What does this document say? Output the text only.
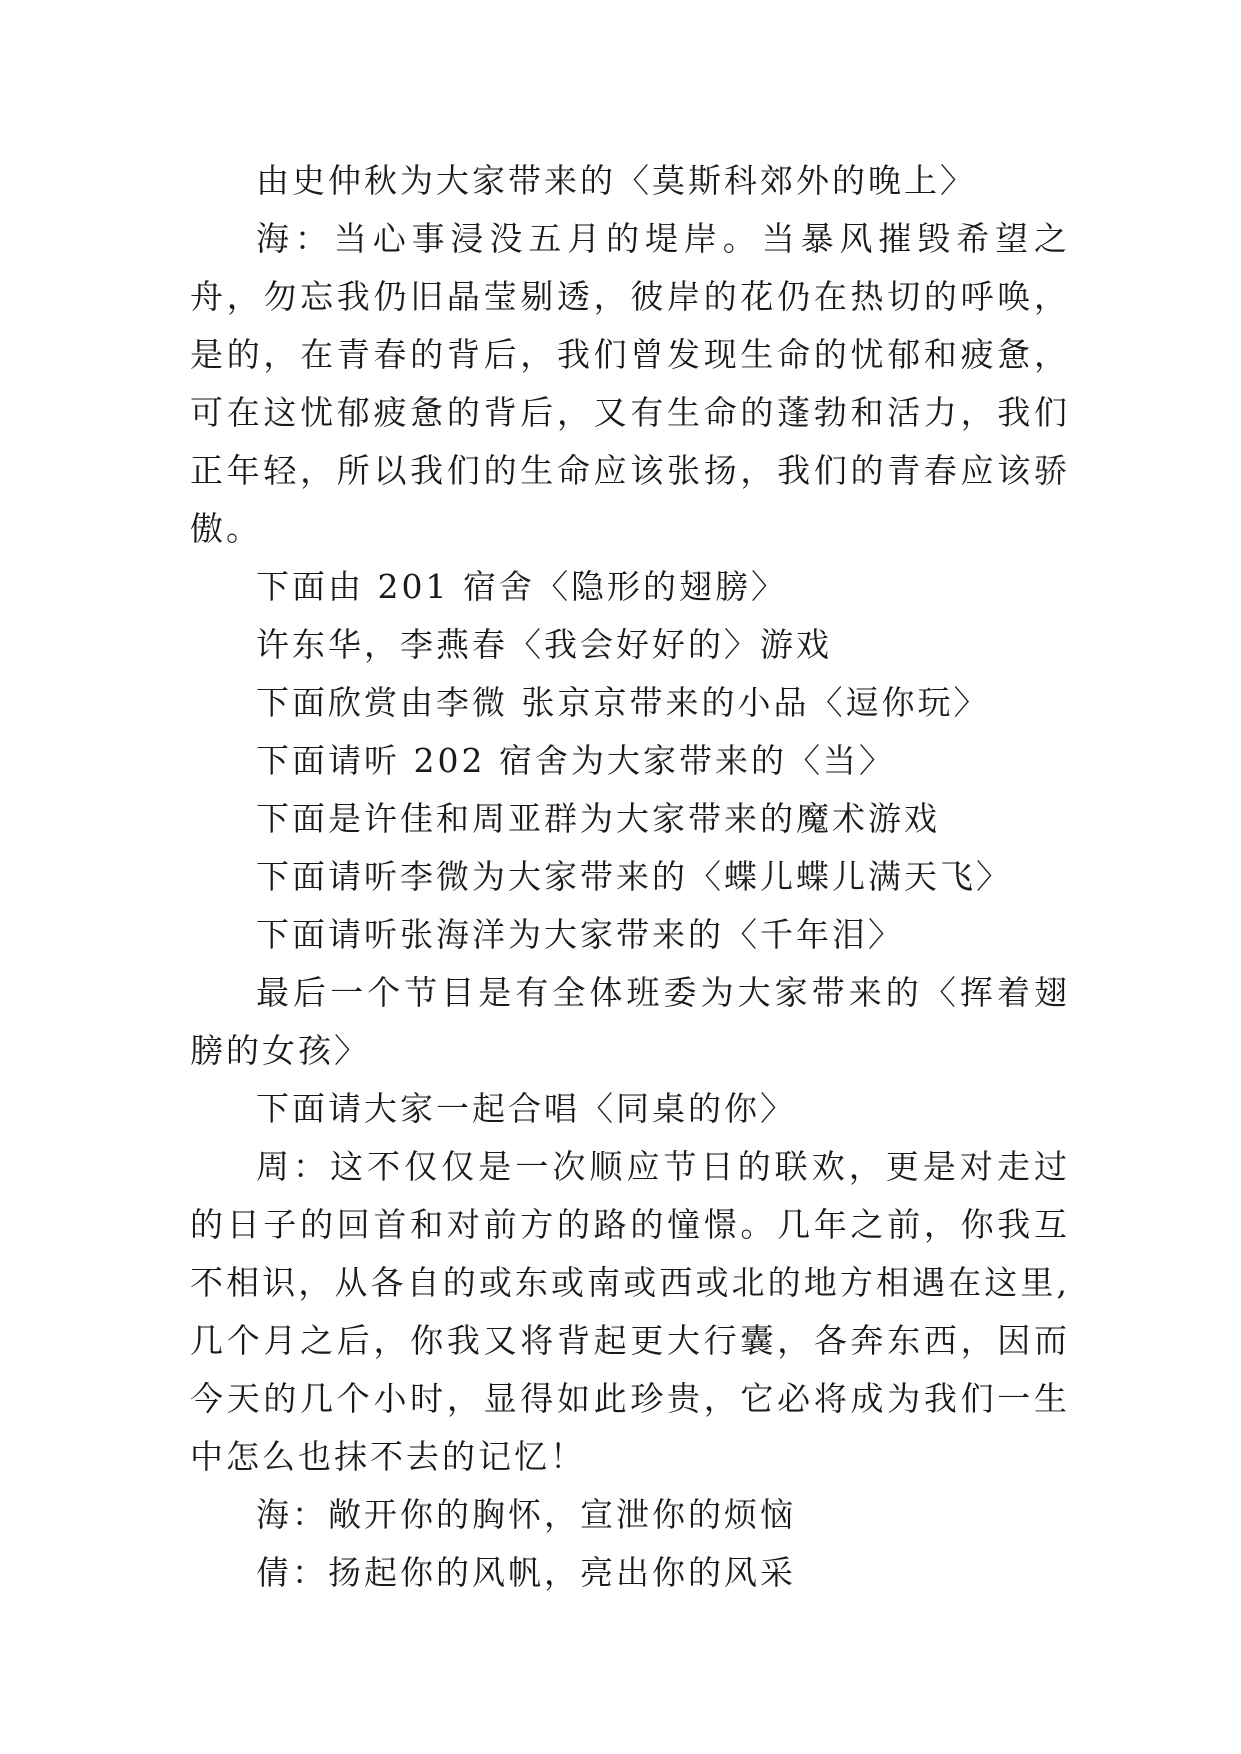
由史仲秋为大家带来的〈莫斯科郊外的晚上〉

海：当心事浸没五月的堤岸。当暴风摧毁希望之舟，勿忘我仍旧晶莹剔透，彼岸的花仍在热切的呼唤，是的，在青春的背后，我们曾发现生命的忧郁和疲惫，可在这忧郁疲惫的背后，又有生命的蓬勃和活力，我们正年轻，所以我们的生命应该张扬，我们的青春应该骄傲。

下面由 201 宿舍〈隐形的翅膀〉

许东华，李燕春〈我会好好的〉游戏

下面欣赏由李微 张京京带来的小品〈逗你玩〉

下面请听 202 宿舍为大家带来的〈当〉

下面是许佳和周亚群为大家带来的魔术游戏

下面请听李微为大家带来的〈蝶儿蝶儿满天飞〉

下面请听张海洋为大家带来的〈千年泪〉

最后一个节目是有全体班委为大家带来的〈挥着翅膀的女孩〉

下面请大家一起合唱〈同桌的你〉

周：这不仅仅是一次顺应节日的联欢，更是对走过的日子的回首和对前方的路的憧憬。几年之前，你我互不相识，从各自的或东或南或西或北的地方相遇在这里,几个月之后，你我又将背起更大行囊，各奔东西，因而今天的几个小时，显得如此珍贵，它必将成为我们一生中怎么也抹不去的记忆！

海：敞开你的胸怀，宣泄你的烦恼

倩：扬起你的风帆，亮出你的风采
